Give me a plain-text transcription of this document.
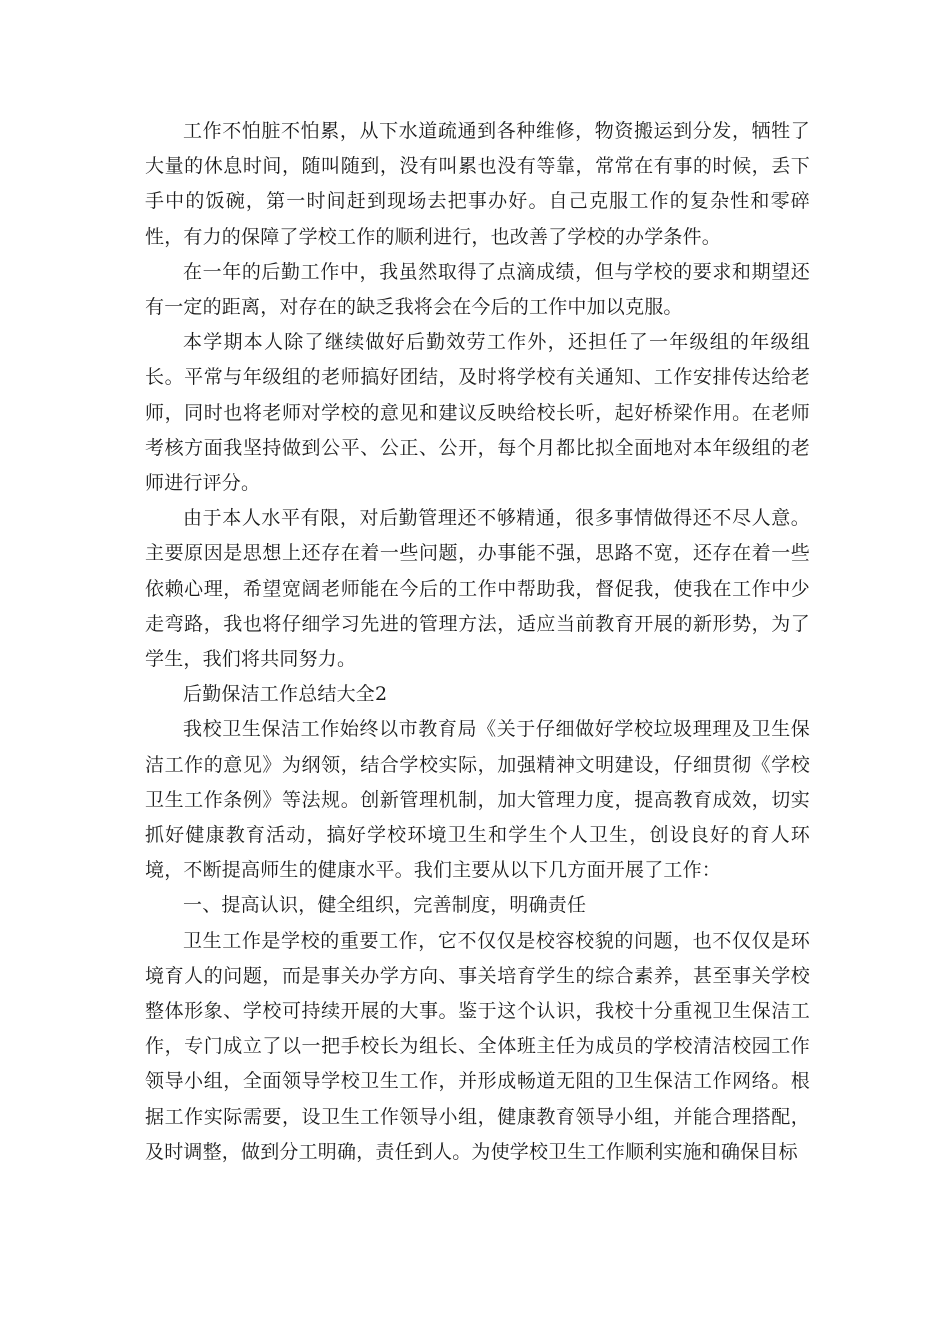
工作不怕脏不怕累，从下水道疏通到各种维修，物资搬运到分发，牺牲了大量的休息时间，随叫随到，没有叫累也没有等靠，常常在有事的时候，丢下手中的饭碗，第一时间赶到现场去把事办好。自己克服工作的复杂性和零碎性，有力的保障了学校工作的顺利进行，也改善了学校的办学条件。

在一年的后勤工作中，我虽然取得了点滴成绩，但与学校的要求和期望还有一定的距离，对存在的缺乏我将会在今后的工作中加以克服。

本学期本人除了继续做好后勤效劳工作外，还担任了一年级组的年级组长。平常与年级组的老师搞好团结，及时将学校有关通知、工作安排传达给老师，同时也将老师对学校的意见和建议反映给校长听，起好桥梁作用。在老师考核方面我坚持做到公平、公正、公开，每个月都比拟全面地对本年级组的老师进行评分。

由于本人水平有限，对后勤管理还不够精通，很多事情做得还不尽人意。主要原因是思想上还存在着一些问题，办事能不强，思路不宽，还存在着一些依赖心理，希望宽阔老师能在今后的工作中帮助我，督促我，使我在工作中少走弯路，我也将仔细学习先进的管理方法，适应当前教育开展的新形势，为了学生，我们将共同努力。

后勤保洁工作总结大全2

我校卫生保洁工作始终以市教育局《关于仔细做好学校垃圾理理及卫生保洁工作的意见》为纲领，结合学校实际，加强精神文明建设，仔细贯彻《学校卫生工作条例》等法规。创新管理机制，加大管理力度，提高教育成效，切实抓好健康教育活动，搞好学校环境卫生和学生个人卫生，创设良好的育人环境，不断提高师生的健康水平。我们主要从以下几方面开展了工作：

一、提高认识，健全组织，完善制度，明确责任

卫生工作是学校的重要工作，它不仅仅是校容校貌的问题，也不仅仅是环境育人的问题，而是事关办学方向、事关培育学生的综合素养，甚至事关学校整体形象、学校可持续开展的大事。鉴于这个认识，我校十分重视卫生保洁工作，专门成立了以一把手校长为组长、全体班主任为成员的学校清洁校园工作领导小组，全面领导学校卫生工作，并形成畅道无阻的卫生保洁工作网络。根据工作实际需要，设卫生工作领导小组，健康教育领导小组，并能合理搭配，及时调整，做到分工明确，责任到人。为使学校卫生工作顺利实施和确保目标
